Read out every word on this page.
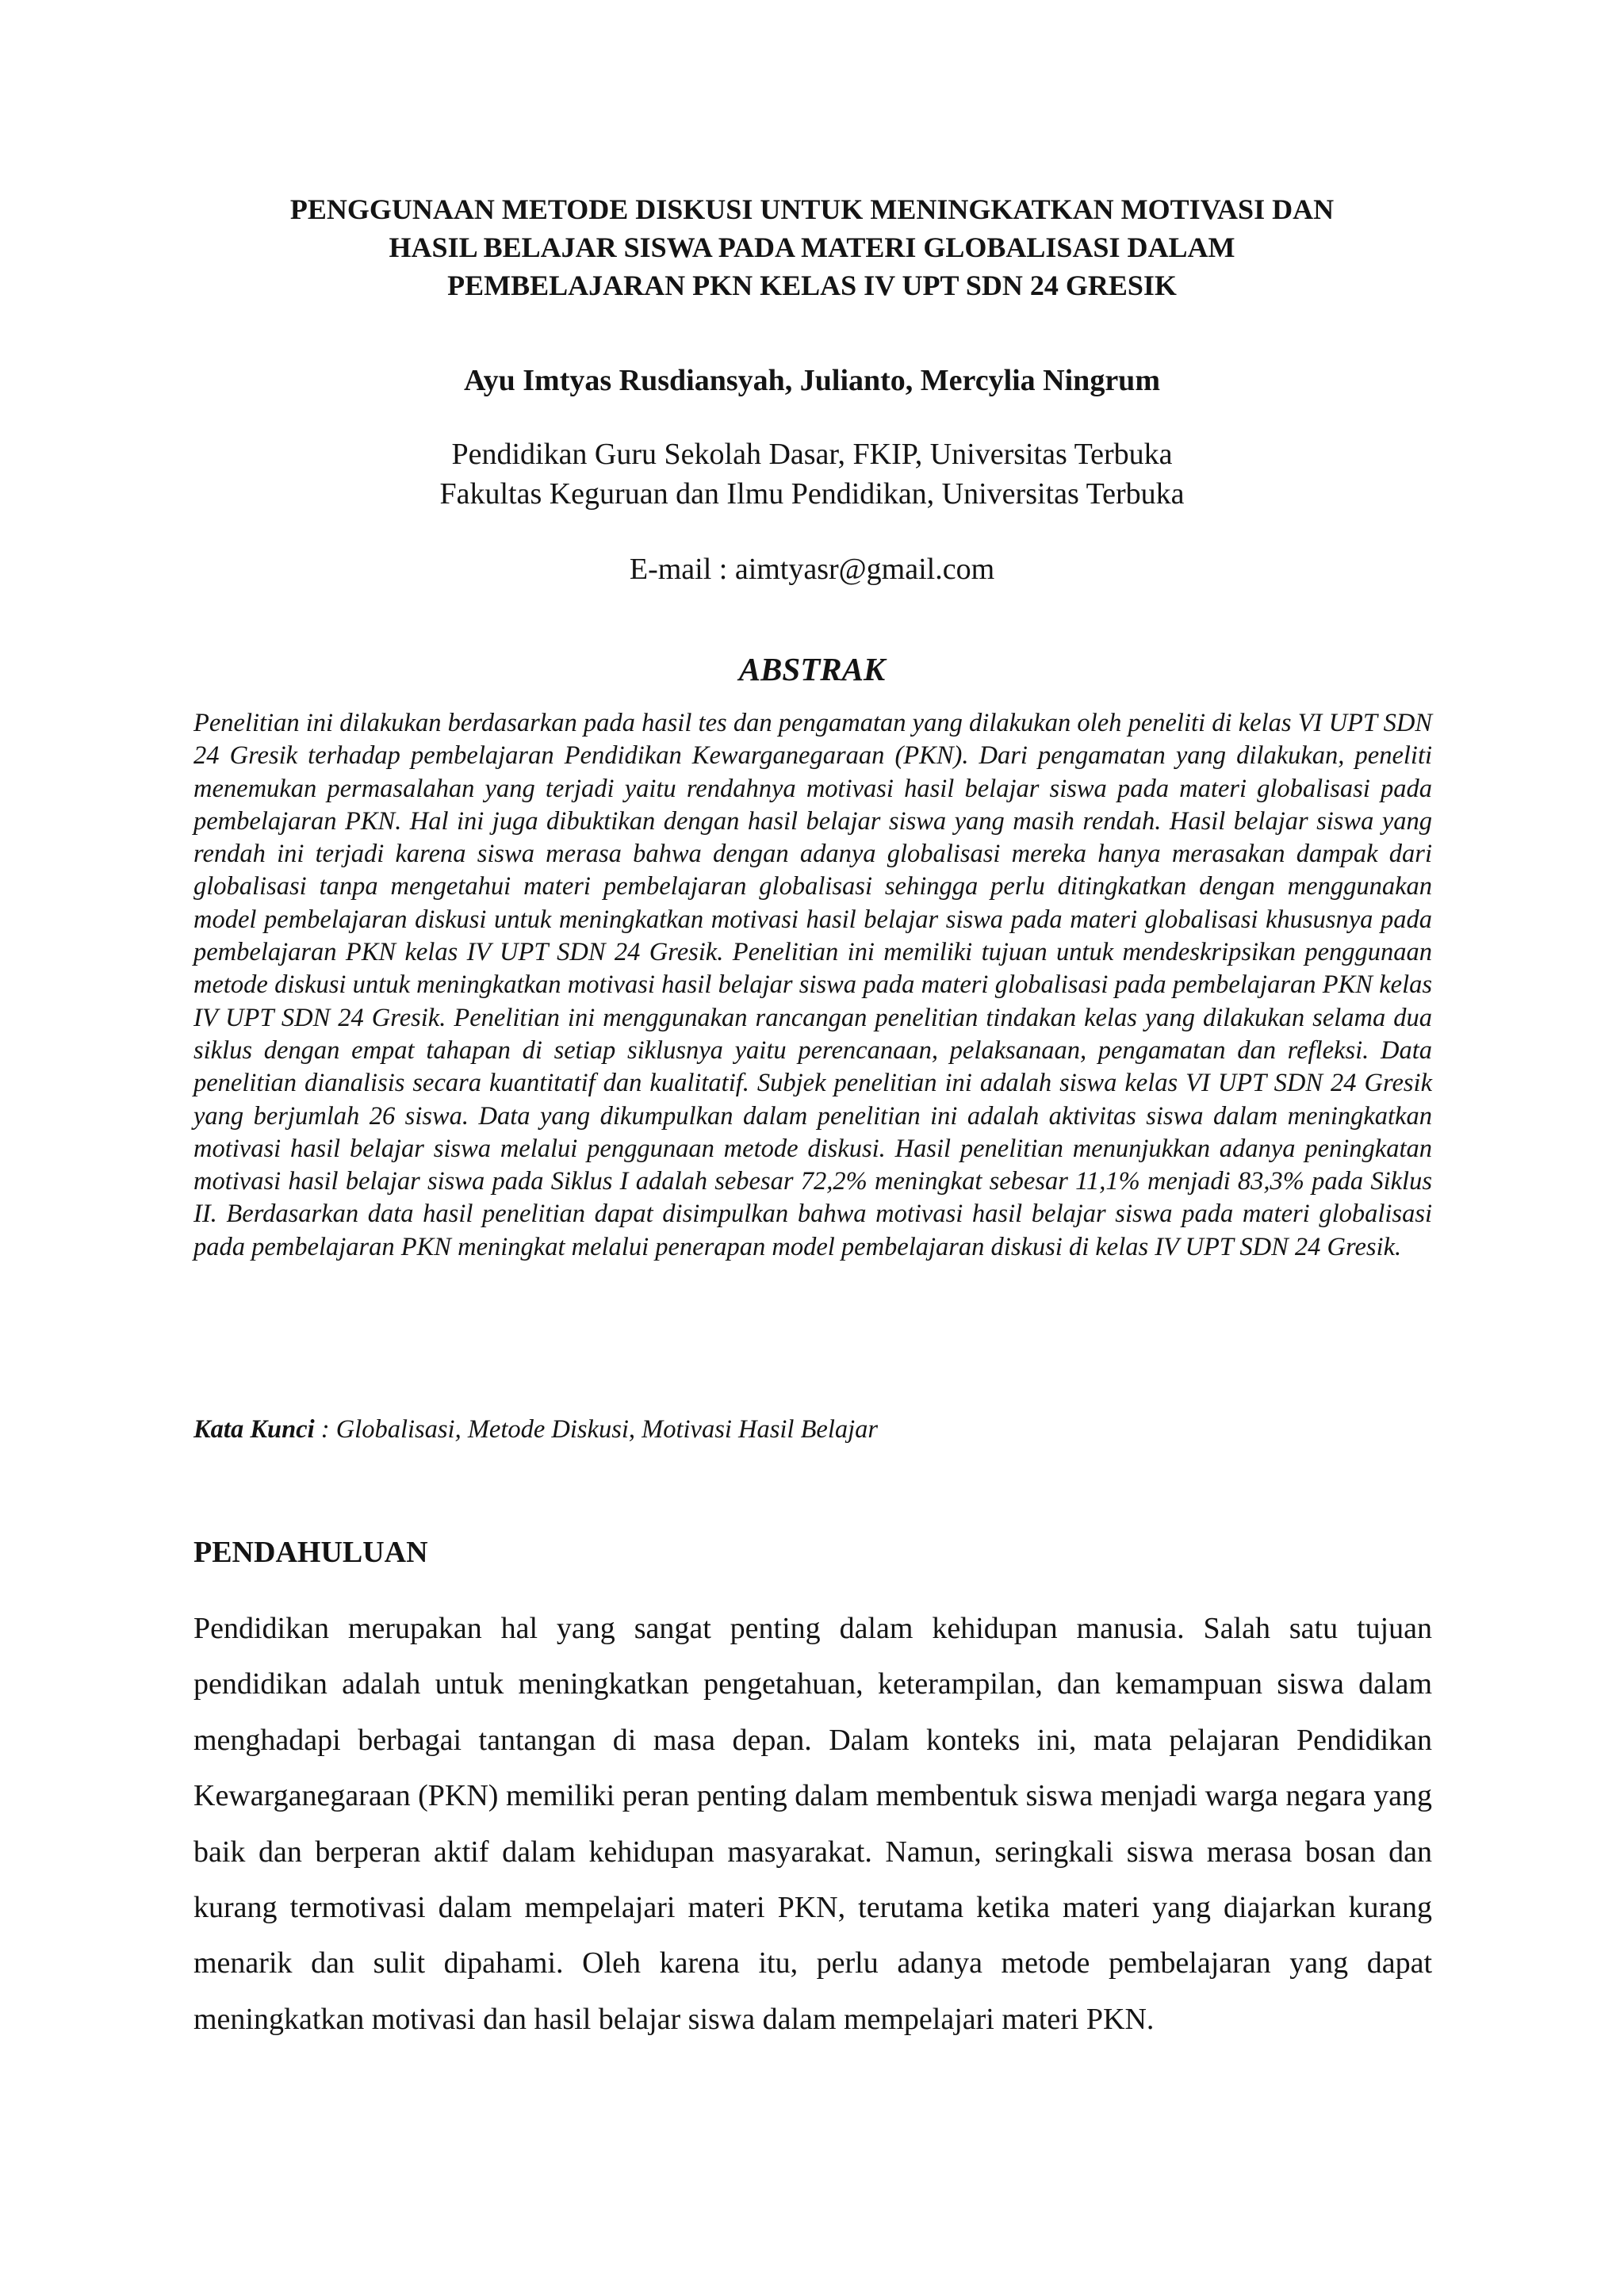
PENGGUNAAN METODE DISKUSI UNTUK MENINGKATKAN MOTIVASI DAN
HASIL BELAJAR SISWA PADA MATERI GLOBALISASI DALAM
PEMBELAJARAN PKN KELAS IV UPT SDN 24 GRESIK
Ayu Imtyas Rusdiansyah, Julianto, Mercylia Ningrum
Pendidikan Guru Sekolah Dasar, FKIP, Universitas Terbuka
Fakultas Keguruan dan Ilmu Pendidikan, Universitas Terbuka
E-mail : aimtyasr@gmail.com
ABSTRAK

Penelitian ini dilakukan berdasarkan pada hasil tes dan pengamatan yang dilakukan oleh peneliti di kelas VI UPT SDN 24 Gresik terhadap pembelajaran Pendidikan Kewarganegaraan (PKN). Dari pengamatan yang dilakukan, peneliti menemukan permasalahan yang terjadi yaitu rendahnya motivasi hasil belajar siswa pada materi globalisasi pada pembelajaran PKN. Hal ini juga dibuktikan dengan hasil belajar siswa yang masih rendah. Hasil belajar siswa yang rendah ini terjadi karena siswa merasa bahwa dengan adanya globalisasi mereka hanya merasakan dampak dari globalisasi tanpa mengetahui materi pembelajaran globalisasi sehingga perlu ditingkatkan dengan menggunakan model pembelajaran diskusi untuk meningkatkan motivasi hasil belajar siswa pada materi globalisasi khususnya pada pembelajaran PKN kelas IV UPT SDN 24 Gresik. Penelitian ini memiliki tujuan untuk mendeskripsikan penggunaan metode diskusi untuk meningkatkan motivasi hasil belajar siswa pada materi globalisasi pada pembelajaran PKN kelas IV UPT SDN 24 Gresik. Penelitian ini menggunakan rancangan penelitian tindakan kelas yang dilakukan selama dua siklus dengan empat tahapan di setiap siklusnya yaitu perencanaan, pelaksanaan, pengamatan dan refleksi. Data penelitian dianalisis secara kuantitatif dan kualitatif. Subjek penelitian ini adalah siswa kelas VI UPT SDN 24 Gresik yang berjumlah 26 siswa. Data yang dikumpulkan dalam penelitian ini adalah aktivitas siswa dalam meningkatkan motivasi hasil belajar siswa melalui penggunaan metode diskusi. Hasil penelitian menunjukkan adanya peningkatan motivasi hasil belajar siswa pada Siklus I adalah sebesar 72,2% meningkat sebesar 11,1% menjadi 83,3% pada Siklus II. Berdasarkan data hasil penelitian dapat disimpulkan bahwa motivasi hasil belajar siswa pada materi globalisasi pada pembelajaran PKN meningkat melalui penerapan model pembelajaran diskusi di kelas IV UPT SDN 24 Gresik.

Kata Kunci : Globalisasi, Metode Diskusi, Motivasi Hasil Belajar

PENDAHULUAN

Pendidikan merupakan hal yang sangat penting dalam kehidupan manusia. Salah satu tujuan pendidikan adalah untuk meningkatkan pengetahuan, keterampilan, dan kemampuan siswa dalam menghadapi berbagai tantangan di masa depan. Dalam konteks ini, mata pelajaran Pendidikan Kewarganegaraan (PKN) memiliki peran penting dalam membentuk siswa menjadi warga negara yang baik dan berperan aktif dalam kehidupan masyarakat. Namun, seringkali siswa merasa bosan dan kurang termotivasi dalam mempelajari materi PKN, terutama ketika materi yang diajarkan kurang menarik dan sulit dipahami. Oleh karena itu, perlu adanya metode pembelajaran yang dapat meningkatkan motivasi dan hasil belajar siswa dalam mempelajari materi PKN.
